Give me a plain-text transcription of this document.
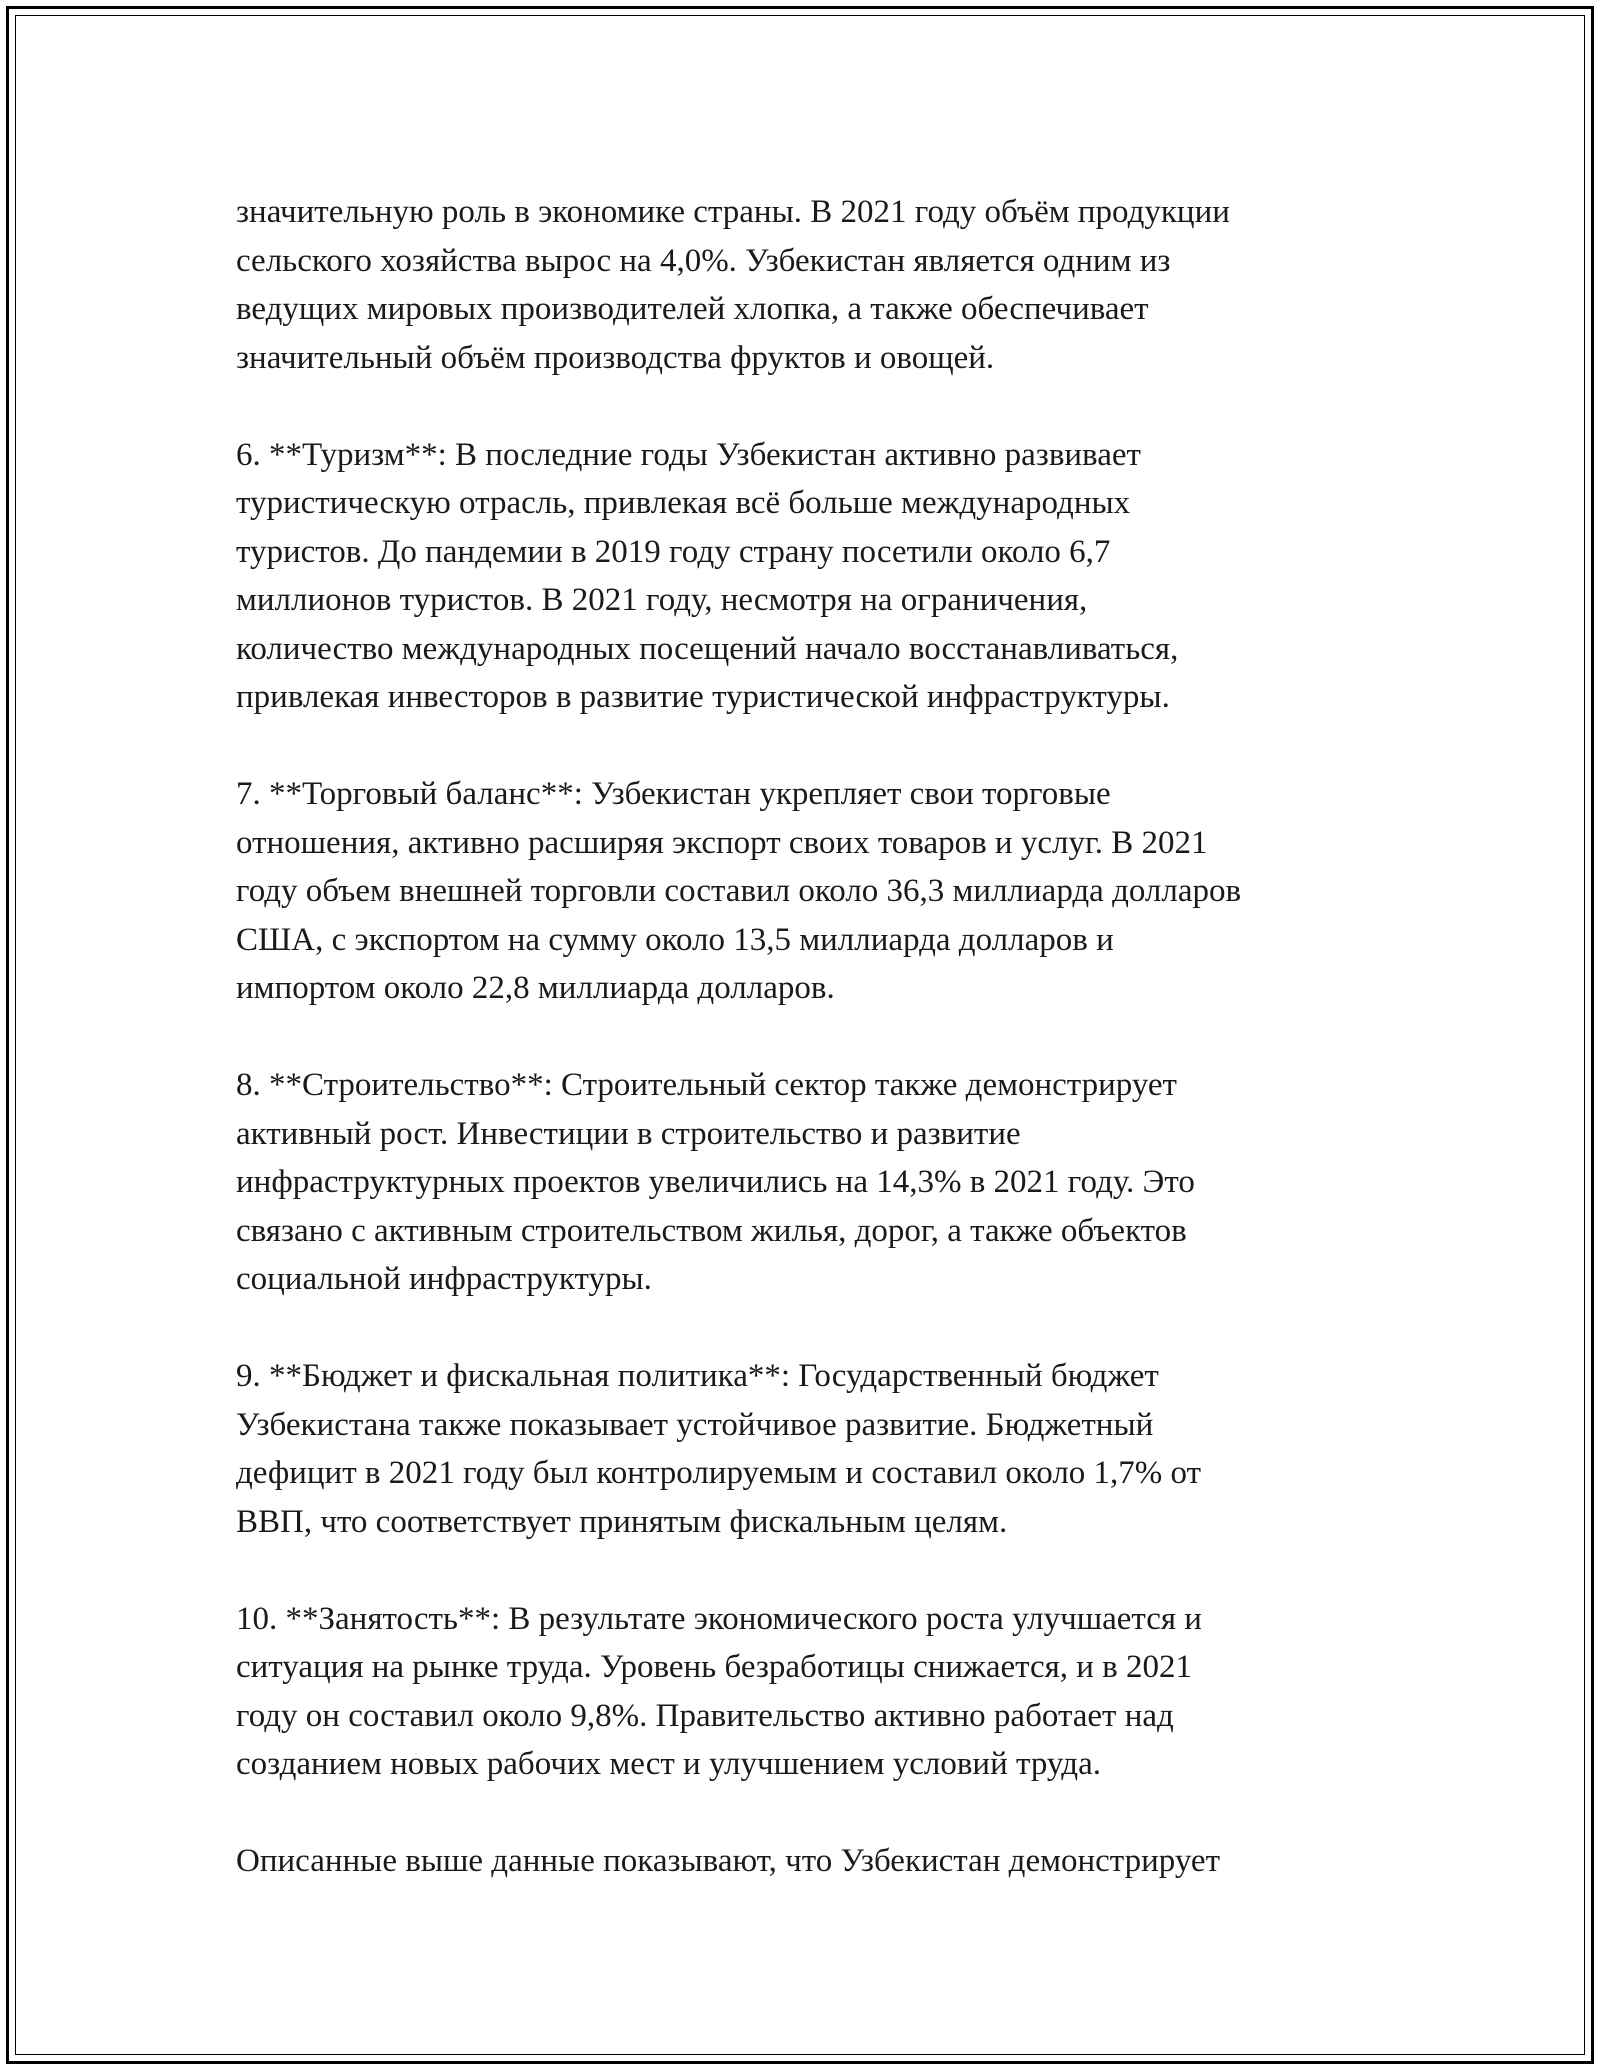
значительную роль в экономике страны. В 2021 году объём продукции
сельского хозяйства вырос на 4,0%. Узбекистан является одним из
ведущих мировых производителей хлопка, а также обеспечивает
значительный объём производства фруктов и овощей.

6. **Туризм**: В последние годы Узбекистан активно развивает
туристическую отрасль, привлекая всё больше международных
туристов. До пандемии в 2019 году страну посетили около 6,7
миллионов туристов. В 2021 году, несмотря на ограничения,
количество международных посещений начало восстанавливаться,
привлекая инвесторов в развитие туристической инфраструктуры.

7. **Торговый баланс**: Узбекистан укрепляет свои торговые
отношения, активно расширяя экспорт своих товаров и услуг. В 2021
году объем внешней торговли составил около 36,3 миллиарда долларов
США, с экспортом на сумму около 13,5 миллиарда долларов и
импортом около 22,8 миллиарда долларов.

8. **Строительство**: Строительный сектор также демонстрирует
активный рост. Инвестиции в строительство и развитие
инфраструктурных проектов увеличились на 14,3% в 2021 году. Это
связано с активным строительством жилья, дорог, а также объектов
социальной инфраструктуры.

9. **Бюджет и фискальная политика**: Государственный бюджет
Узбекистана также показывает устойчивое развитие. Бюджетный
дефицит в 2021 году был контролируемым и составил около 1,7% от
ВВП, что соответствует принятым фискальным целям.

10. **Занятость**: В результате экономического роста улучшается и
ситуация на рынке труда. Уровень безработицы снижается, и в 2021
году он составил около 9,8%. Правительство активно работает над
созданием новых рабочих мест и улучшением условий труда.

Описанные выше данные показывают, что Узбекистан демонстрирует
